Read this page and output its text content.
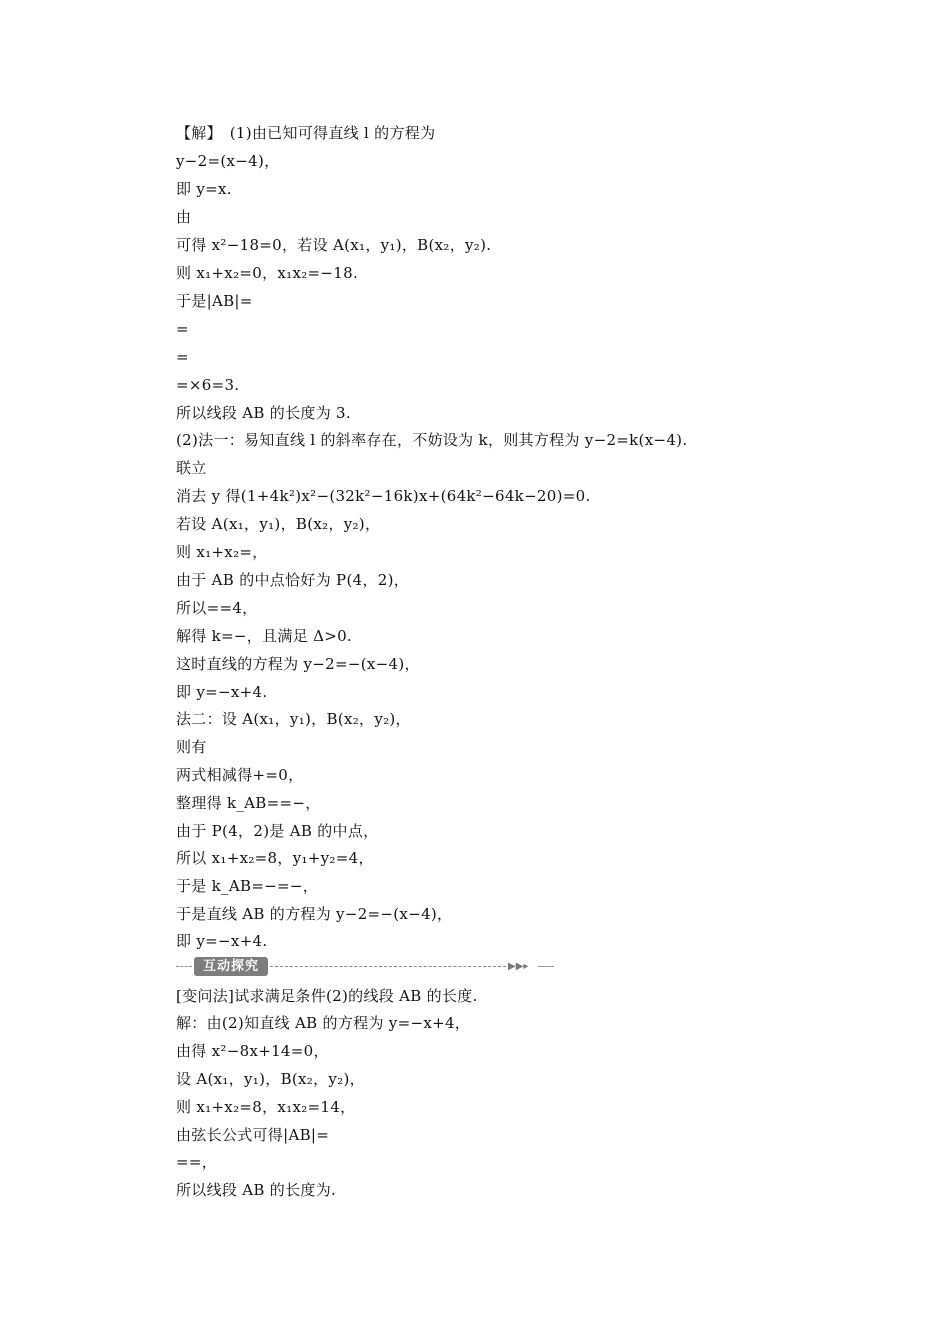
【解】　(1)由已知可得直线 l 的方程为
y−2=(x−4)，
即 y=x.
由
可得 x²−18=0，若设 A(x₁，y₁)，B(x₂，y₂).
则 x₁+x₂=0，x₁x₂=−18.
于是|AB|=
=
=
=×6=3.
所以线段 AB 的长度为 3.
(2)法一：易知直线 l 的斜率存在，不妨设为 k，则其方程为 y−2=k(x−4).
联立
消去 y 得(1+4k²)x²−(32k²−16k)x+(64k²−64k−20)=0.
若设 A(x₁，y₁)，B(x₂，y₂)，
则 x₁+x₂=，
由于 AB 的中点恰好为 P(4，2)，
所以==4，
解得 k=−，且满足 Δ>0.
这时直线的方程为 y−2=−(x−4)，
即 y=−x+4.
法二：设 A(x₁，y₁)，B(x₂，y₂)，
则有
两式相减得+=0，
整理得 k_AB==−，
由于 P(4，2)是 AB 的中点，
所以 x₁+x₂=8，y₁+y₂=4，
于是 k_AB=−=−，
于是直线 AB 的方程为 y−2=−(x−4)，
即 y=−x+4.
互动探究	▶▶▸
[变问法]试求满足条件(2)的线段 AB 的长度.
解：由(2)知直线 AB 的方程为 y=−x+4，
由得 x²−8x+14=0，
设 A(x₁，y₁)，B(x₂，y₂)，
则 x₁+x₂=8，x₁x₂=14，
由弦长公式可得|AB|=
==，
所以线段 AB 的长度为.
